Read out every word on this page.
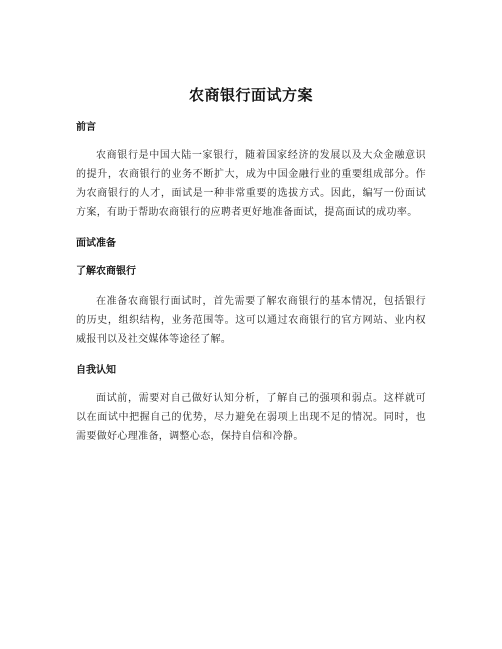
农商银行面试方案

前言

农商银行是中国大陆一家银行，随着国家经济的发展以及大众金融意识的提升，农商银行的业务不断扩大，成为中国金融行业的重要组成部分。作为农商银行的人才，面试是一种非常重要的选拔方式。因此，编写一份面试方案，有助于帮助农商银行的应聘者更好地准备面试，提高面试的成功率。

面试准备

了解农商银行

在准备农商银行面试时，首先需要了解农商银行的基本情况，包括银行的历史，组织结构，业务范围等。这可以通过农商银行的官方网站、业内权威报刊以及社交媒体等途径了解。

自我认知

面试前，需要对自己做好认知分析，了解自己的强项和弱点。这样就可以在面试中把握自己的优势，尽力避免在弱项上出现不足的情况。同时，也需要做好心理准备，调整心态，保持自信和冷静。
